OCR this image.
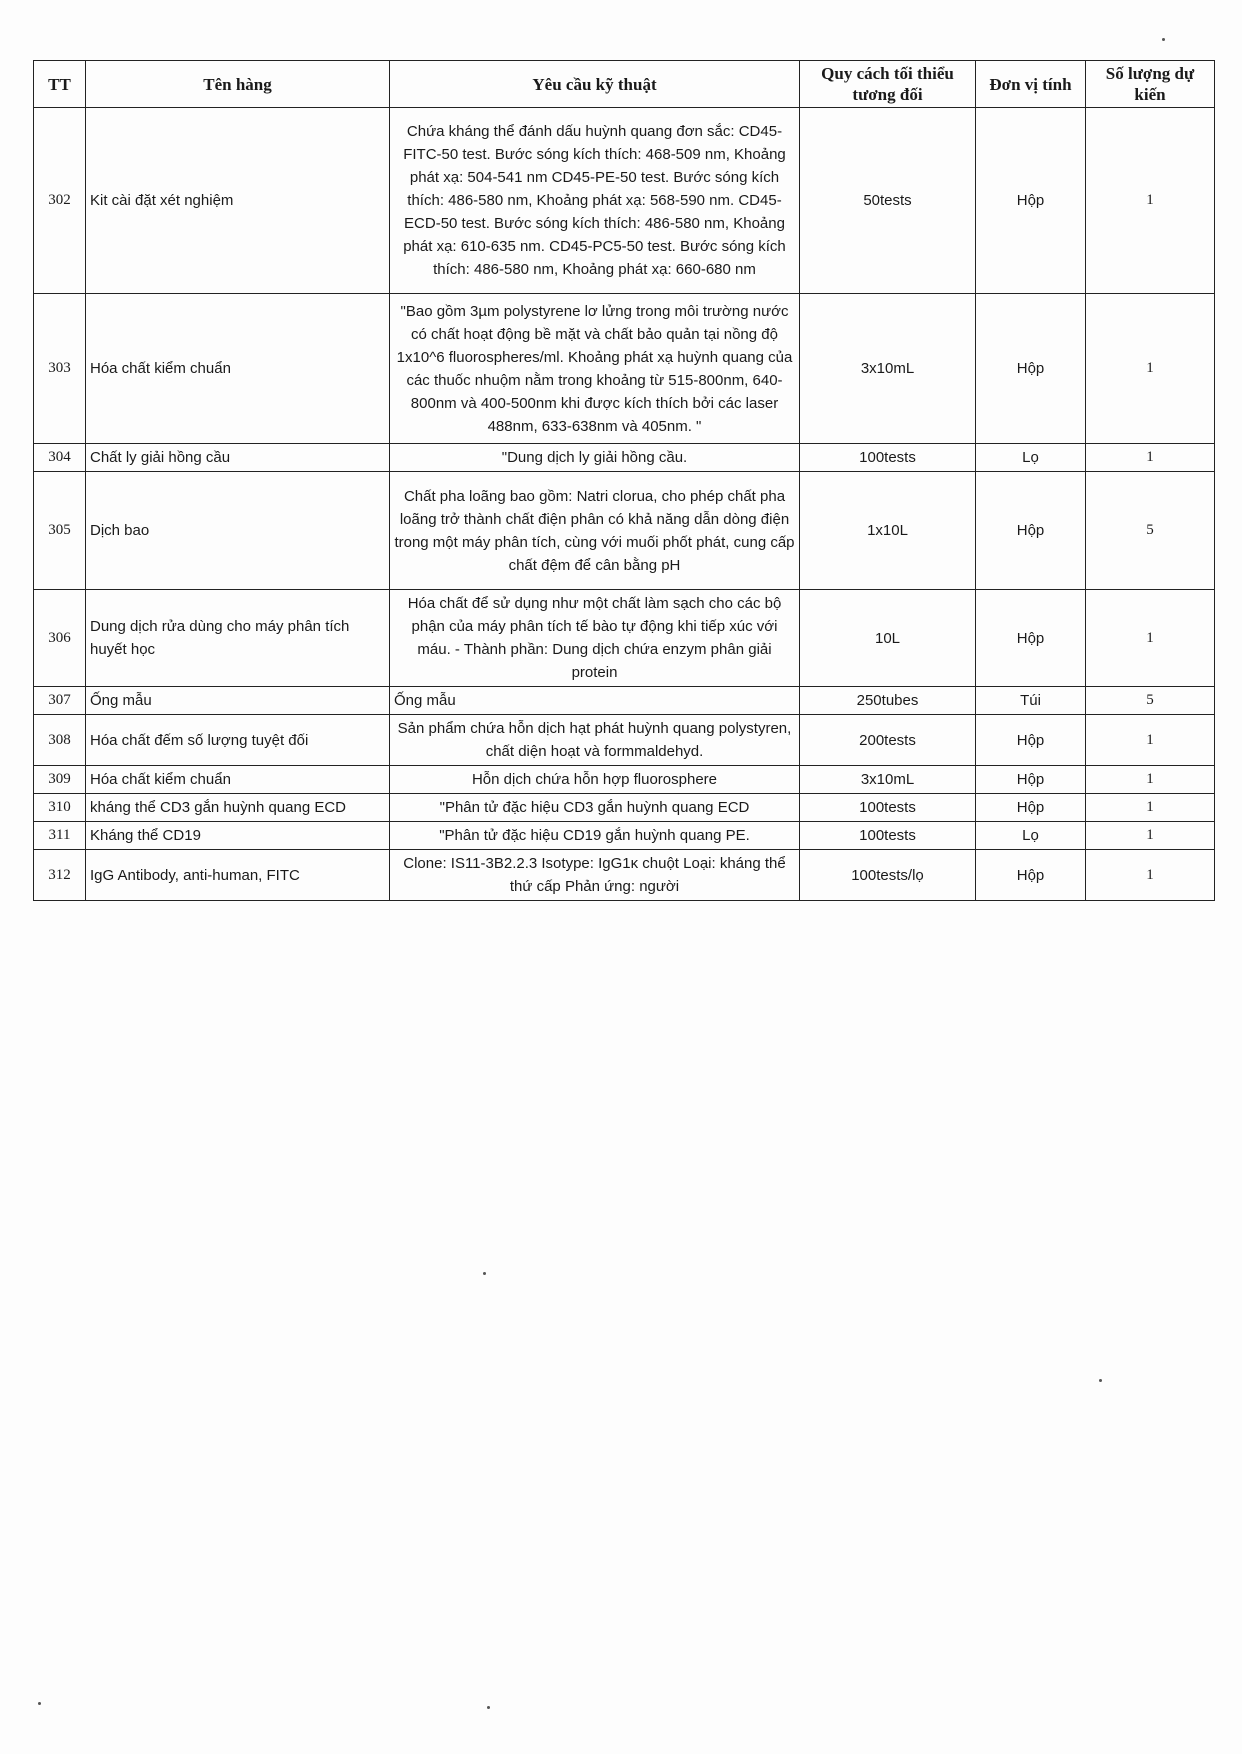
TT	Tên hàng	Yêu cầu kỹ thuật	Quy cách tối thiểu tương đối	Đơn vị tính	Số lượng dự kiến
302	Kit cài đặt xét nghiệm	Chứa kháng thể đánh dấu huỳnh quang đơn sắc: CD45-FITC-50 test. Bước sóng kích thích: 468-509 nm, Khoảng phát xạ: 504-541 nm CD45-PE-50 test. Bước sóng kích thích: 486-580 nm, Khoảng phát xạ: 568-590 nm. CD45-ECD-50 test. Bước sóng kích thích: 486-580 nm, Khoảng phát xạ: 610-635 nm. CD45-PC5-50 test. Bước sóng kích thích: 486-580 nm, Khoảng phát xạ: 660-680 nm	50tests	Hộp	1
303	Hóa chất kiểm chuẩn	"Bao gồm 3µm polystyrene lơ lửng trong môi trường nước có chất hoạt động bề mặt và chất bảo quản tại nồng độ 1x10^6 fluorospheres/ml. Khoảng phát xạ huỳnh quang của các thuốc nhuộm nằm trong khoảng từ 515-800nm, 640-800nm và 400-500nm khi được kích thích bởi các laser 488nm, 633-638nm và 405nm. "	3x10mL	Hộp	1
304	Chất ly giải hồng cầu	"Dung dịch ly giải hồng cầu.	100tests	Lọ	1
305	Dịch bao	Chất pha loãng bao gồm: Natri clorua, cho phép chất pha loãng trở thành chất điện phân có khả năng dẫn dòng điện trong một máy phân tích, cùng với muối phốt phát, cung cấp chất đệm để cân bằng pH	1x10L	Hộp	5
306	Dung dịch rửa dùng cho máy phân tích huyết học	Hóa chất để sử dụng như một chất làm sạch cho các bộ phận của máy phân tích tế bào tự động khi tiếp xúc với máu. - Thành phần: Dung dịch chứa enzym phân giải protein	10L	Hộp	1
307	Ống mẫu	Ống mẫu	250tubes	Túi	5
308	Hóa chất đếm số lượng tuyệt đối	Sản phẩm chứa hỗn dịch hạt phát huỳnh quang polystyren, chất diện hoạt và formmaldehyd.	200tests	Hộp	1
309	Hóa chất kiểm chuẩn	Hỗn dịch chứa hỗn hợp fluorosphere	3x10mL	Hộp	1
310	kháng thể CD3 gắn huỳnh quang ECD	"Phân tử đặc hiệu CD3 gắn huỳnh quang ECD	100tests	Hộp	1
311	Kháng thể CD19	"Phân tử đặc hiệu CD19 gắn huỳnh quang PE.	100tests	Lọ	1
312	IgG Antibody, anti-human, FITC	Clone: IS11-3B2.2.3 Isotype: IgG1κ chuột Loại: kháng thể thứ cấp Phản ứng: người	100tests/lọ	Hộp	1
